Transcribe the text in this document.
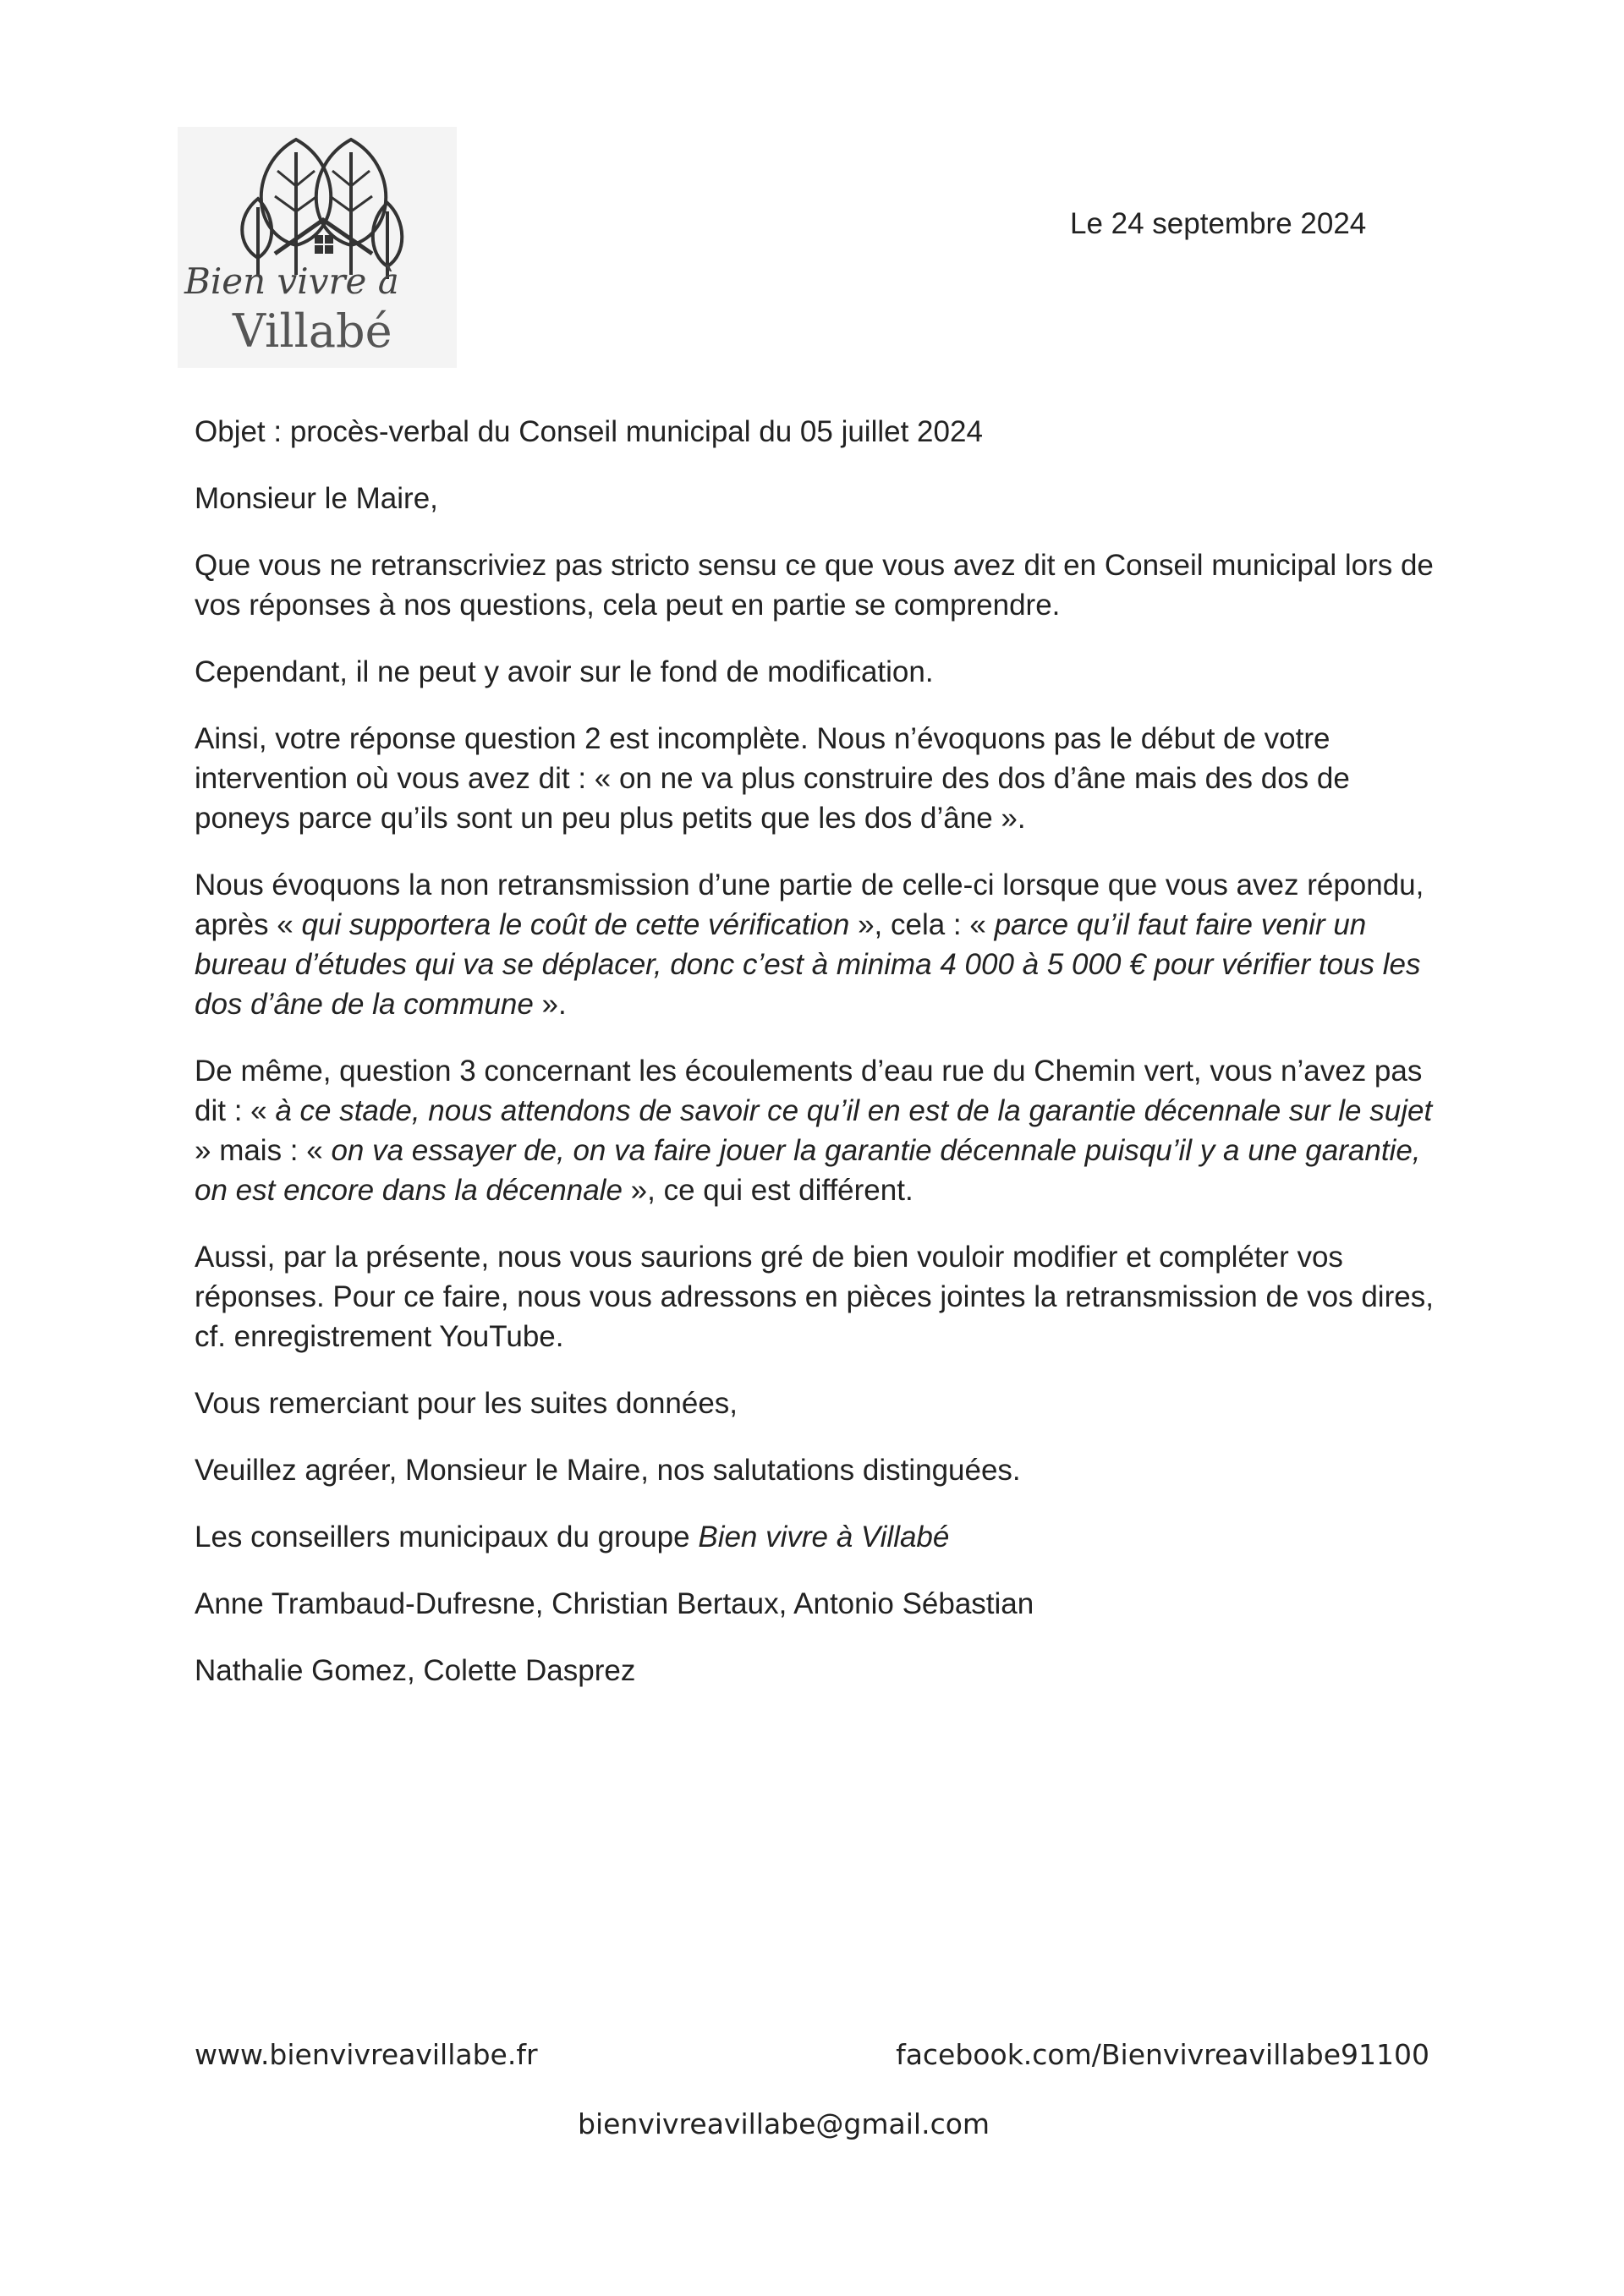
Bien vivre à
Villabé
Le 24 septembre 2024

Objet : procès-verbal du Conseil municipal du 05 juillet 2024

Monsieur le Maire,

Que vous ne retranscriviez pas stricto sensu ce que vous avez dit en Conseil municipal lors de vos réponses à nos questions, cela peut en partie se comprendre.

Cependant, il ne peut y avoir sur le fond de modification.

Ainsi, votre réponse question 2 est incomplète. Nous n’évoquons pas le début de votre intervention où vous avez dit : « on ne va plus construire des dos d’âne mais des dos de poneys parce qu’ils sont un peu plus petits que les dos d’âne ».

Nous évoquons la non retransmission d’une partie de celle-ci lorsque que vous avez répondu, après « qui supportera le coût de cette vérification », cela : « parce qu’il faut faire venir un bureau d’études qui va se déplacer, donc c’est à minima 4 000 à 5 000 € pour vérifier tous les dos d’âne de la commune ».

De même, question 3 concernant les écoulements d’eau rue du Chemin vert, vous n’avez pas dit : « à ce stade, nous attendons de savoir ce qu’il en est de la garantie décennale sur le sujet » mais : « on va essayer de, on va faire jouer la garantie décennale puisqu’il y a une garantie, on est encore dans la décennale », ce qui est différent.

Aussi, par la présente, nous vous saurions gré de bien vouloir modifier et compléter vos réponses. Pour ce faire, nous vous adressons en pièces jointes la retransmission de vos dires, cf. enregistrement YouTube.

Vous remerciant pour les suites données,

Veuillez agréer, Monsieur le Maire, nos salutations distinguées.

Les conseillers municipaux du groupe Bien vivre à Villabé

Anne Trambaud-Dufresne, Christian Bertaux, Antonio Sébastian

Nathalie Gomez, Colette Dasprez

www.bienvivreavillabe.fr	facebook.com/Bienvivreavillabe91100
bienvivreavillabe@gmail.com
